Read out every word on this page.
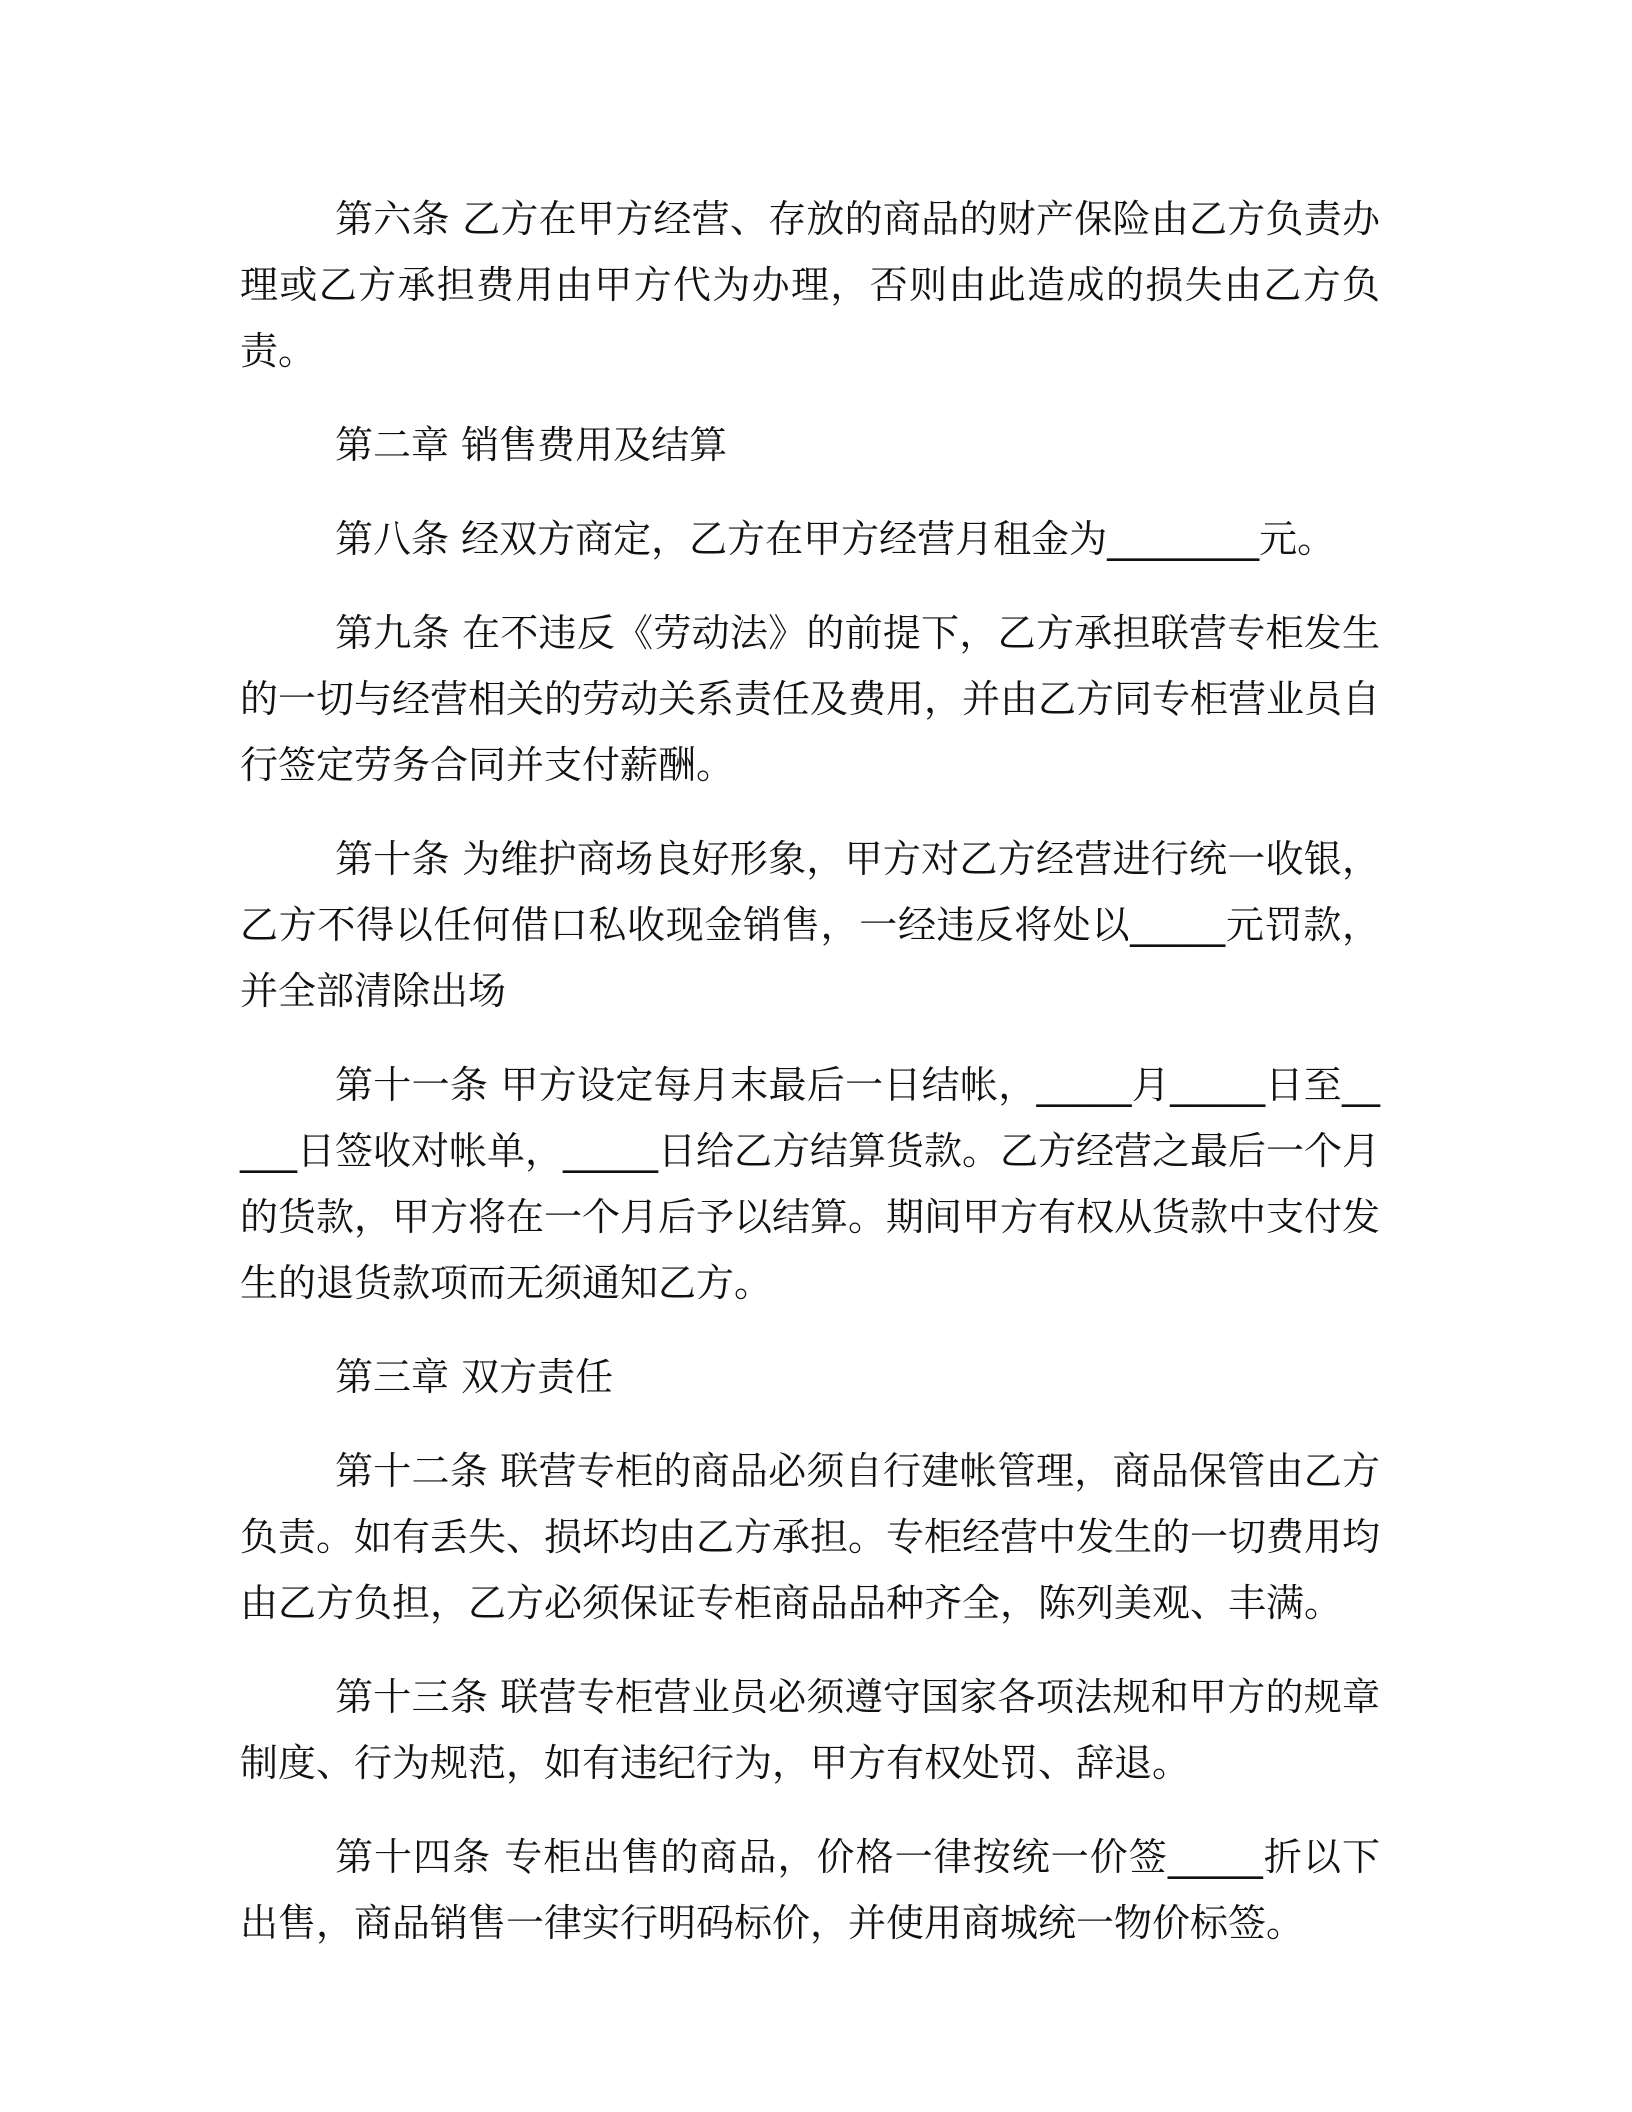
第六条 乙方在甲方经营、存放的商品的财产保险由乙方负责办理或乙方承担费用由甲方代为办理，否则由此造成的损失由乙方负责。

第二章 销售费用及结算

第八条 经双方商定，乙方在甲方经营月租金为________元。

第九条 在不违反《劳动法》的前提下，乙方承担联营专柜发生的一切与经营相关的劳动关系责任及费用，并由乙方同专柜营业员自行签定劳务合同并支付薪酬。

第十条 为维护商场良好形象，甲方对乙方经营进行统一收银，乙方不得以任何借口私收现金销售，一经违反将处以_____元罚款，并全部清除出场

第十一条 甲方设定每月末最后一日结帐，_____月_____日至_____日签收对帐单，_____日给乙方结算货款。乙方经营之最后一个月的货款，甲方将在一个月后予以结算。期间甲方有权从货款中支付发生的退货款项而无须通知乙方。

第三章 双方责任

第十二条 联营专柜的商品必须自行建帐管理，商品保管由乙方负责。如有丢失、损坏均由乙方承担。专柜经营中发生的一切费用均由乙方负担，乙方必须保证专柜商品品种齐全，陈列美观、丰满。

第十三条 联营专柜营业员必须遵守国家各项法规和甲方的规章制度、行为规范，如有违纪行为，甲方有权处罚、辞退。

第十四条 专柜出售的商品，价格一律按统一价签_____折以下出售，商品销售一律实行明码标价，并使用商城统一物价标签。
